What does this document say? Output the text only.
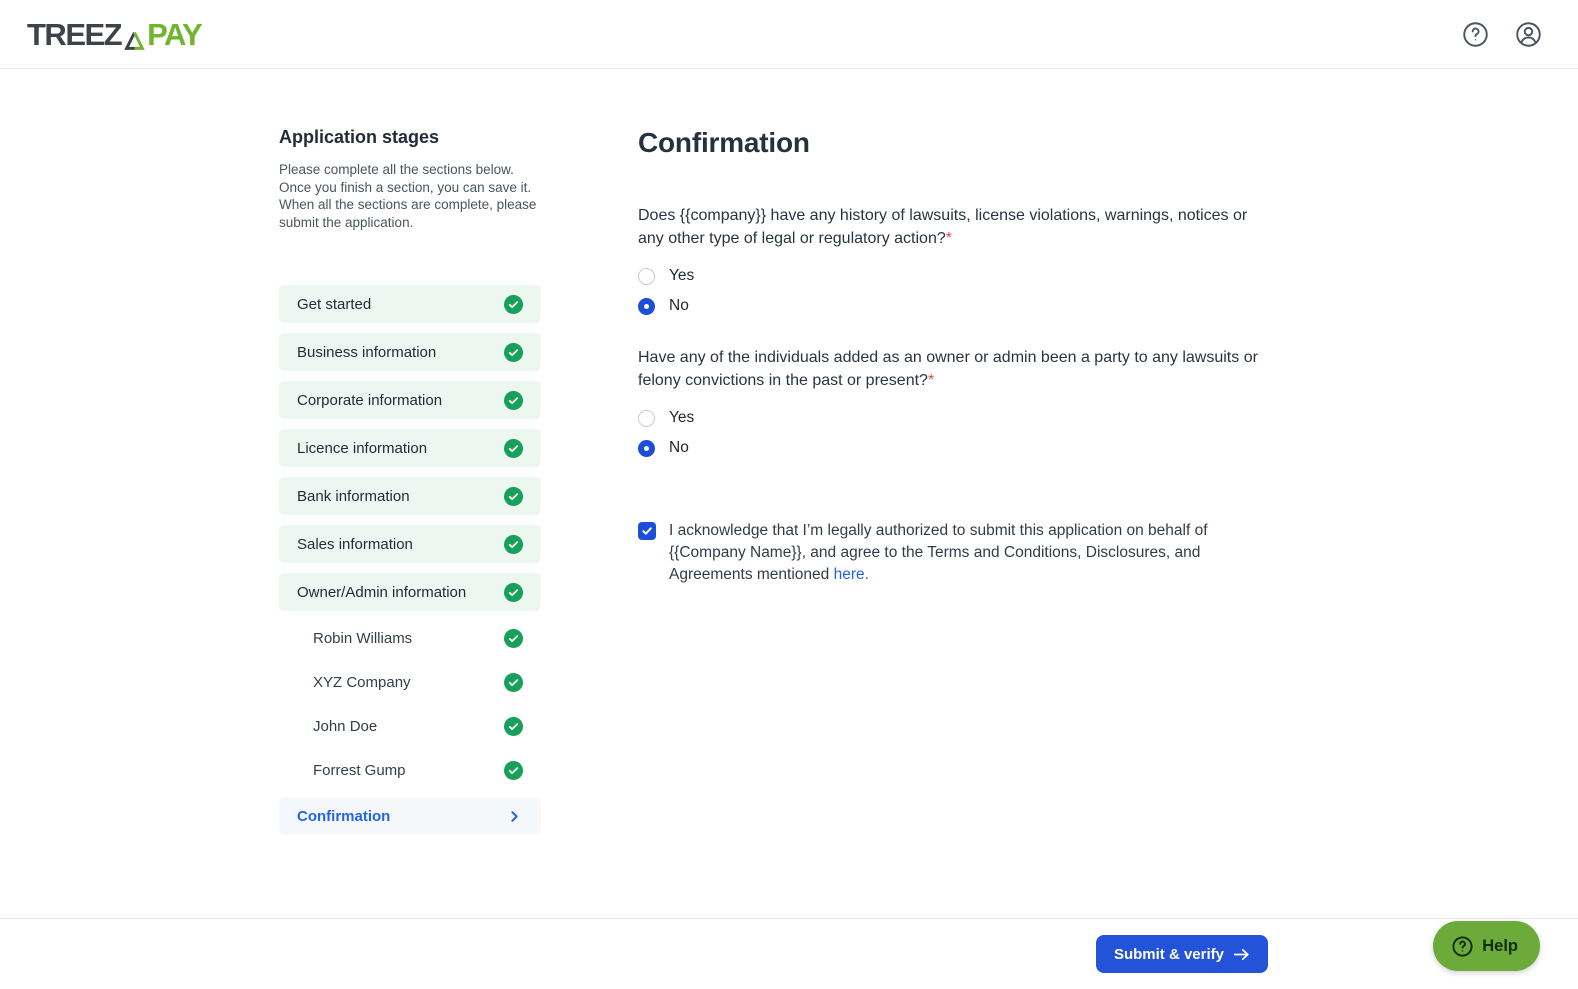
TREEZ PAY
Application stages
Please complete all the sections below. Once you finish a section, you can save it. When all the sections are complete, please submit the application.
Get started
Business information
Corporate information
Licence information
Bank information
Sales information
Owner/Admin information
Robin Williams
XYZ Company
John Doe
Forrest Gump
Confirmation
Confirmation
Does {{company}} have any history of lawsuits, license violations, warnings, notices or any other type of legal or regulatory action?*
Yes
No
Have any of the individuals added as an owner or admin been a party to any lawsuits or felony convictions in the past or present?*
Yes
No
I acknowledge that I’m legally authorized to submit this application on behalf of {{Company Name}}, and agree to the Terms and Conditions, Disclosures, and Agreements mentioned here.
Submit & verify	Help
